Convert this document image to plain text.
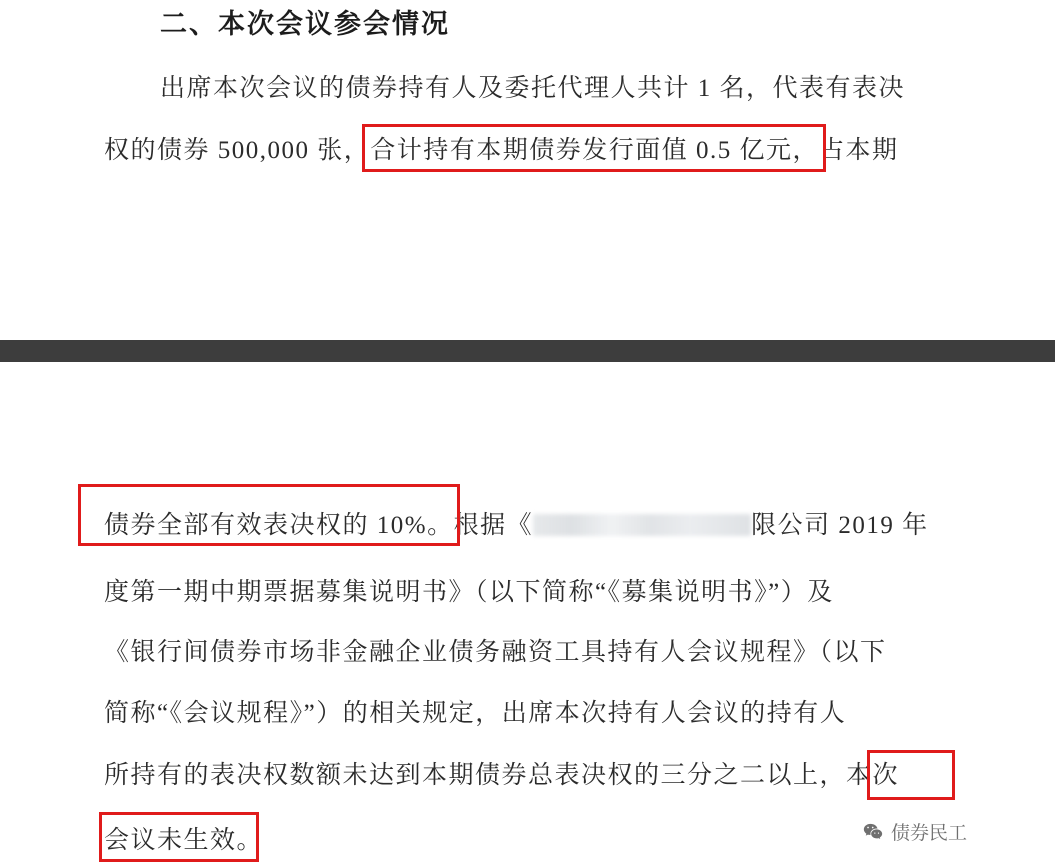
二、本次会议参会情况
出席本次会议的债券持有人及委托代理人共计 1 名，代表有表决
权的债券 500,000 张，合计持有本期债券发行面值 0.5 亿元，占本期
债券全部有效表决权的 10%。根据《	限公司 2019 年
度第一期中期票据募集说明书》（以下简称“《募集说明书》”）及
《银行间债券市场非金融企业债务融资工具持有人会议规程》（以下
简称“《会议规程》”）的相关规定，出席本次持有人会议的持有人
所持有的表决权数额未达到本期债券总表决权的三分之二以上，本次
会议未生效。	债券民工
